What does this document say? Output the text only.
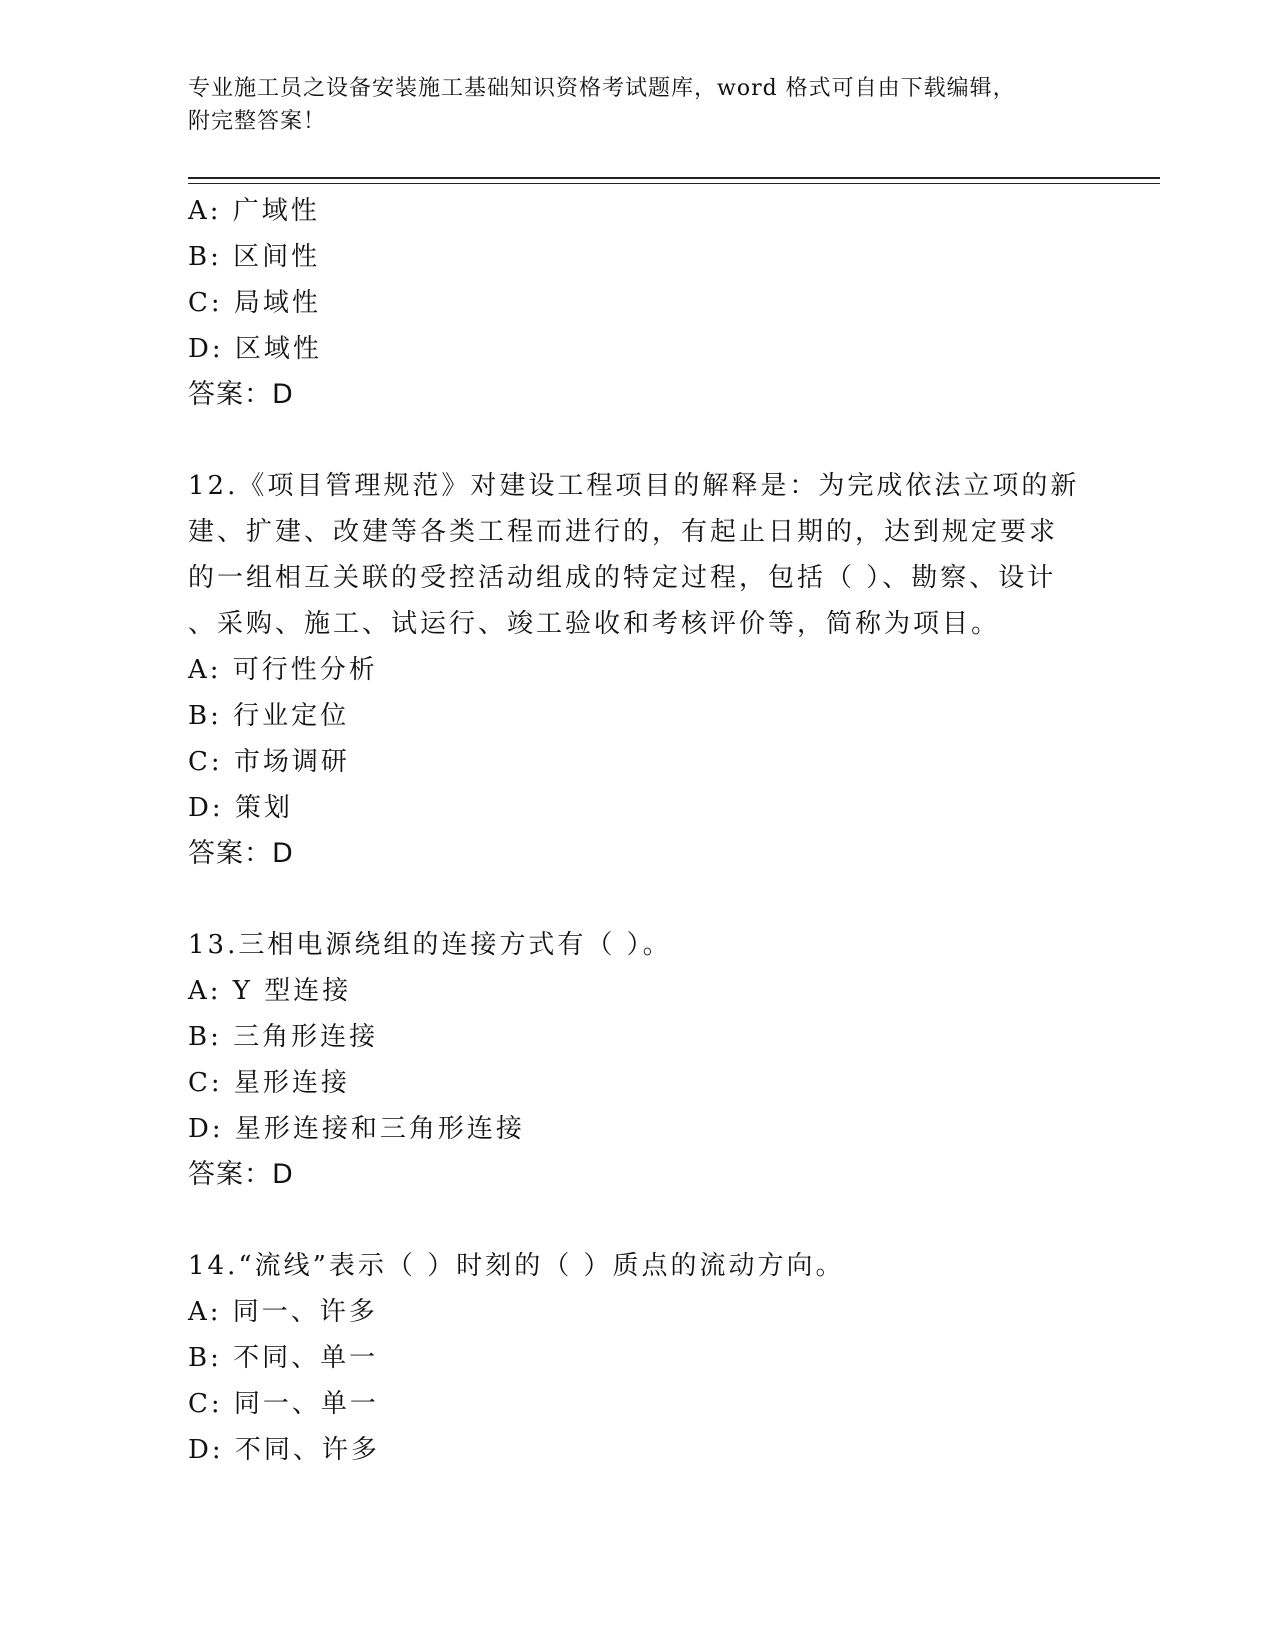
专业施工员之设备安装施工基础知识资格考试题库，word 格式可自由下载编辑，
附完整答案！
A: 广域性
B: 区间性
C: 局域性
D: 区域性
答案：D
12.《项目管理规范》对建设工程项目的解释是：为完成依法立项的新
建、扩建、改建等各类工程而进行的，有起止日期的，达到规定要求
的一组相互关联的受控活动组成的特定过程，包括（ ）、勘察、设计
、采购、施工、试运行、竣工验收和考核评价等，简称为项目。
A: 可行性分析
B: 行业定位
C: 市场调研
D: 策划
答案：D
13.三相电源绕组的连接方式有（ ）。
A: Y 型连接
B: 三角形连接
C: 星形连接
D: 星形连接和三角形连接
答案：D
14.“流线”表示（ ）时刻的（ ）质点的流动方向。
A: 同一、许多
B: 不同、单一
C: 同一、单一
D: 不同、许多
